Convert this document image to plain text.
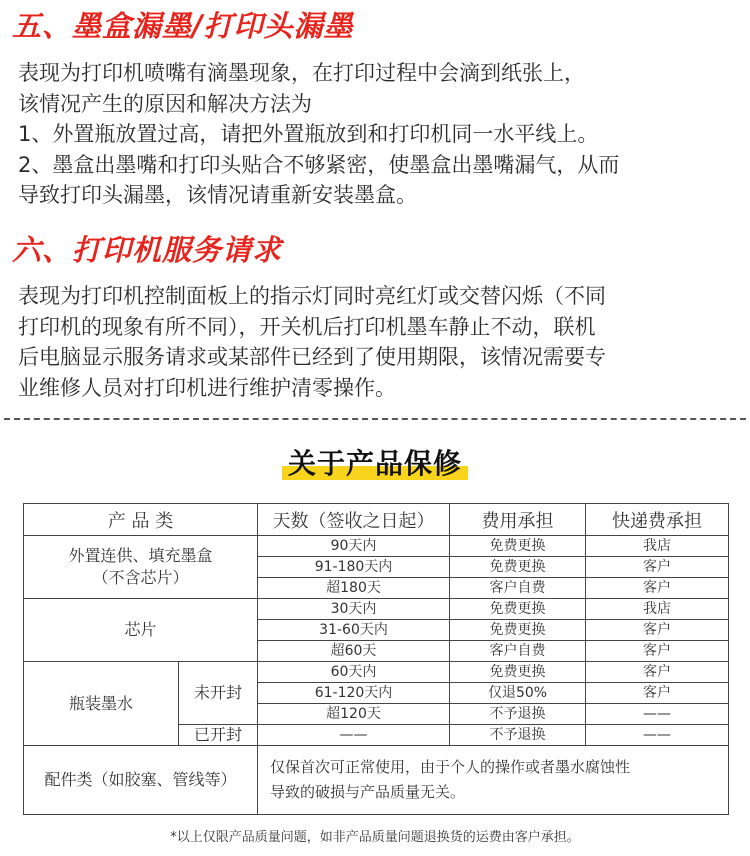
五、墨盒漏墨/打印头漏墨
表现为打印机喷嘴有滴墨现象，在打印过程中会滴到纸张上，
该情况产生的原因和解决方法为
1、外置瓶放置过高，请把外置瓶放到和打印机同一水平线上。
2、墨盒出墨嘴和打印头贴合不够紧密，使墨盒出墨嘴漏气，从而
导致打印头漏墨，该情况请重新安装墨盒。
六、打印机服务请求
表现为打印机控制面板上的指示灯同时亮红灯或交替闪烁（不同
打印机的现象有所不同），开关机后打印机墨车静止不动，联机
后电脑显示服务请求或某部件已经到了使用期限，该情况需要专
业维修人员对打印机进行维护清零操作。
关于产品保修
产 品 类		天数（签收之日起）	费用承担	快递费承担
外置连供、填充墨盒
（不含芯片）		90天内	免费更换	我店
		91-180天内	免费更换	客户
		超180天	客户自费	客户
芯片		30天内	免费更换	我店
		31-60天内	免费更换	客户
		超60天	客户自费	客户
瓶装墨水	未开封	60天内	免费更换	客户
		61-120天内	仅退50%	客户
		超120天	不予退换	——
	已开封	——	不予退换	——
配件类（如胶塞、管线等）		仅保首次可正常使用，由于个人的操作或者墨水腐蚀性
导致的破损与产品质量无关。		
*以上仅限产品质量问题，如非产品质量问题退换货的运费由客户承担。
